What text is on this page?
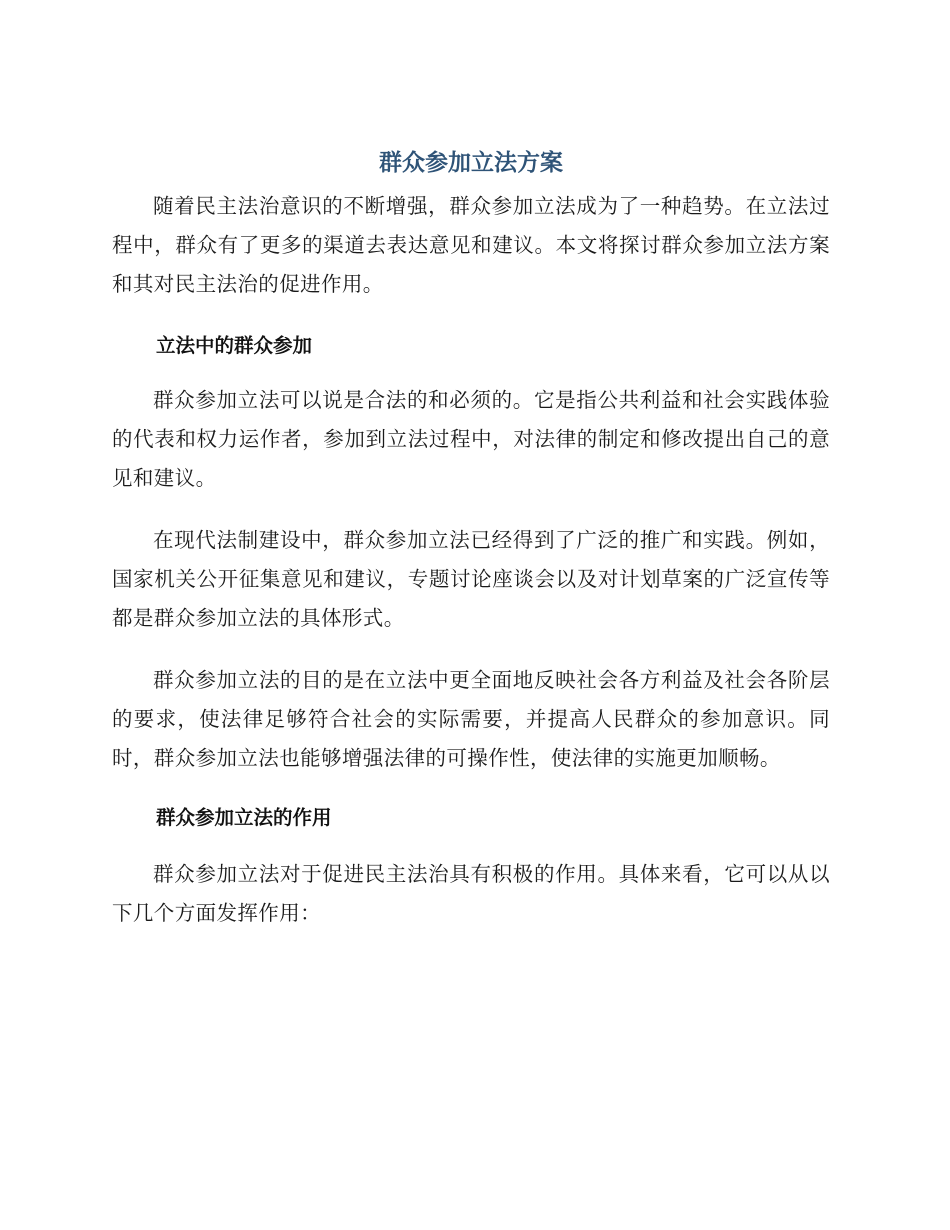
群众参加立法方案

随着民主法治意识的不断增强，群众参加立法成为了一种趋势。在立法过程中，群众有了更多的渠道去表达意见和建议。本文将探讨群众参加立法方案和其对民主法治的促进作用。

立法中的群众参加

群众参加立法可以说是合法的和必须的。它是指公共利益和社会实践体验的代表和权力运作者，参加到立法过程中，对法律的制定和修改提出自己的意见和建议。

在现代法制建设中，群众参加立法已经得到了广泛的推广和实践。例如，国家机关公开征集意见和建议，专题讨论座谈会以及对计划草案的广泛宣传等都是群众参加立法的具体形式。

群众参加立法的目的是在立法中更全面地反映社会各方利益及社会各阶层的要求，使法律足够符合社会的实际需要，并提高人民群众的参加意识。同时，群众参加立法也能够增强法律的可操作性，使法律的实施更加顺畅。

群众参加立法的作用

群众参加立法对于促进民主法治具有积极的作用。具体来看，它可以从以下几个方面发挥作用：
